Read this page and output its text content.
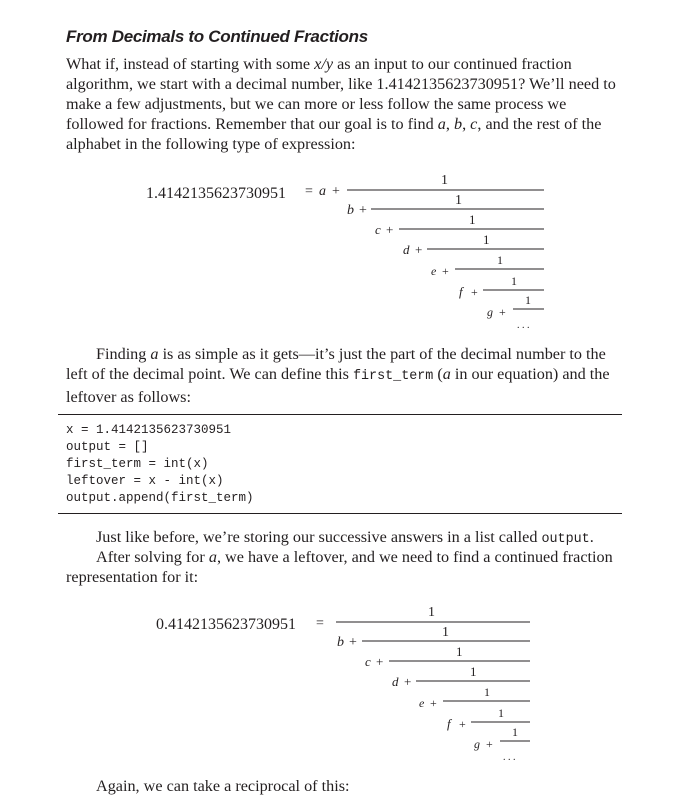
From Decimals to Continued Fractions

What if, instead of starting with some x/y as an input to our continued fraction algorithm, we start with a decimal number, like 1.4142135623730951? We’ll need to make a few adjustments, but we can more or less follow the same process we followed for fractions. Remember that our goal is to find a, b, c, and the rest of the alphabet in the following type of expression:

1.4142135623730951 = a +
1
b +
1
c +
1
d +
1
e +
1
f +
1
g +
1
. . .

Finding a is as simple as it gets—it’s just the part of the decimal number to the left of the decimal point. We can define this first_term (a in our equation) and the leftover as follows:

x = 1.4142135623730951
output = []
first_term = int(x)
leftover = x - int(x)
output.append(first_term)

Just like before, we’re storing our successive answers in a list called output.

After solving for a, we have a leftover, and we need to find a continued fraction representation for it:

0.4142135623730951 =
1
b +
1
c +
1
d +
1
e +
1
f +
1
g +
1
. . .

Again, we can take a reciprocal of this:
